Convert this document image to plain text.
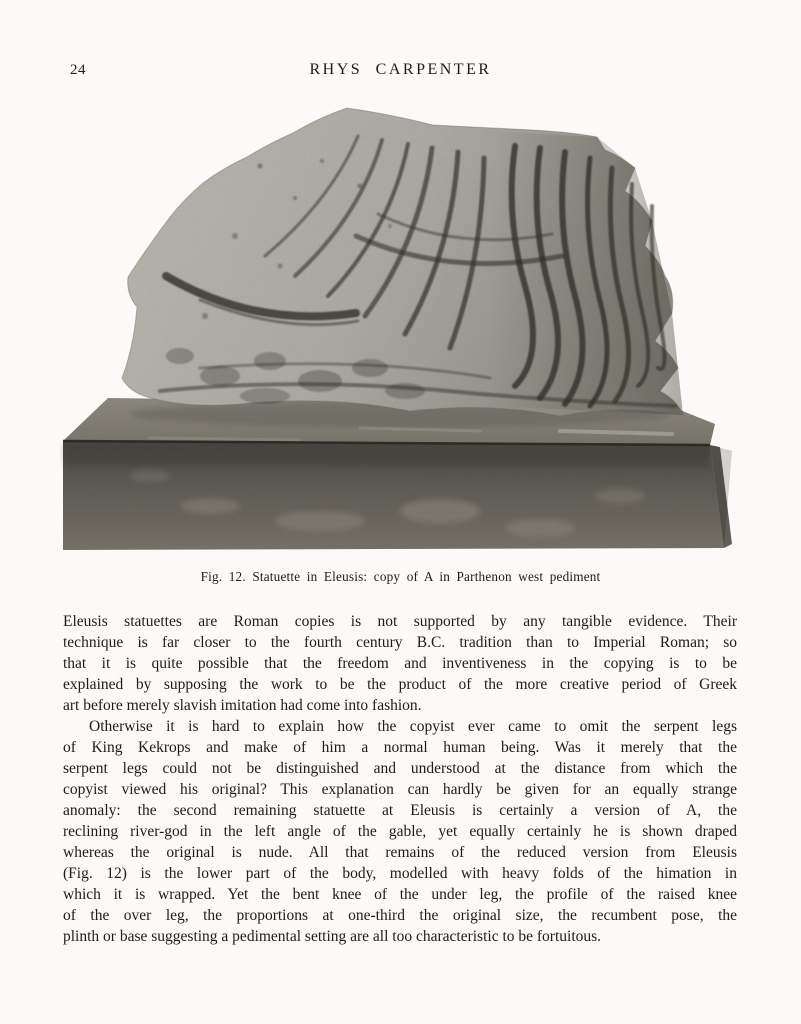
24	RHYS CARPENTER
Fig. 12. Statuette in Eleusis: copy of A in Parthenon west pediment
Eleusis statuettes are Roman copies is not supported by any tangible evidence. Their
technique is far closer to the fourth century B.C. tradition than to Imperial Roman; so
that it is quite possible that the freedom and inventiveness in the copying is to be
explained by supposing the work to be the product of the more creative period of Greek
art before merely slavish imitation had come into fashion.
Otherwise it is hard to explain how the copyist ever came to omit the serpent legs
of King Kekrops and make of him a normal human being. Was it merely that the
serpent legs could not be distinguished and understood at the distance from which the
copyist viewed his original? This explanation can hardly be given for an equally strange
anomaly: the second remaining statuette at Eleusis is certainly a version of A, the
reclining river-god in the left angle of the gable, yet equally certainly he is shown draped
whereas the original is nude. All that remains of the reduced version from Eleusis
(Fig. 12) is the lower part of the body, modelled with heavy folds of the himation in
which it is wrapped. Yet the bent knee of the under leg, the profile of the raised knee
of the over leg, the proportions at one-third the original size, the recumbent pose, the
plinth or base suggesting a pedimental setting are all too characteristic to be fortuitous.
